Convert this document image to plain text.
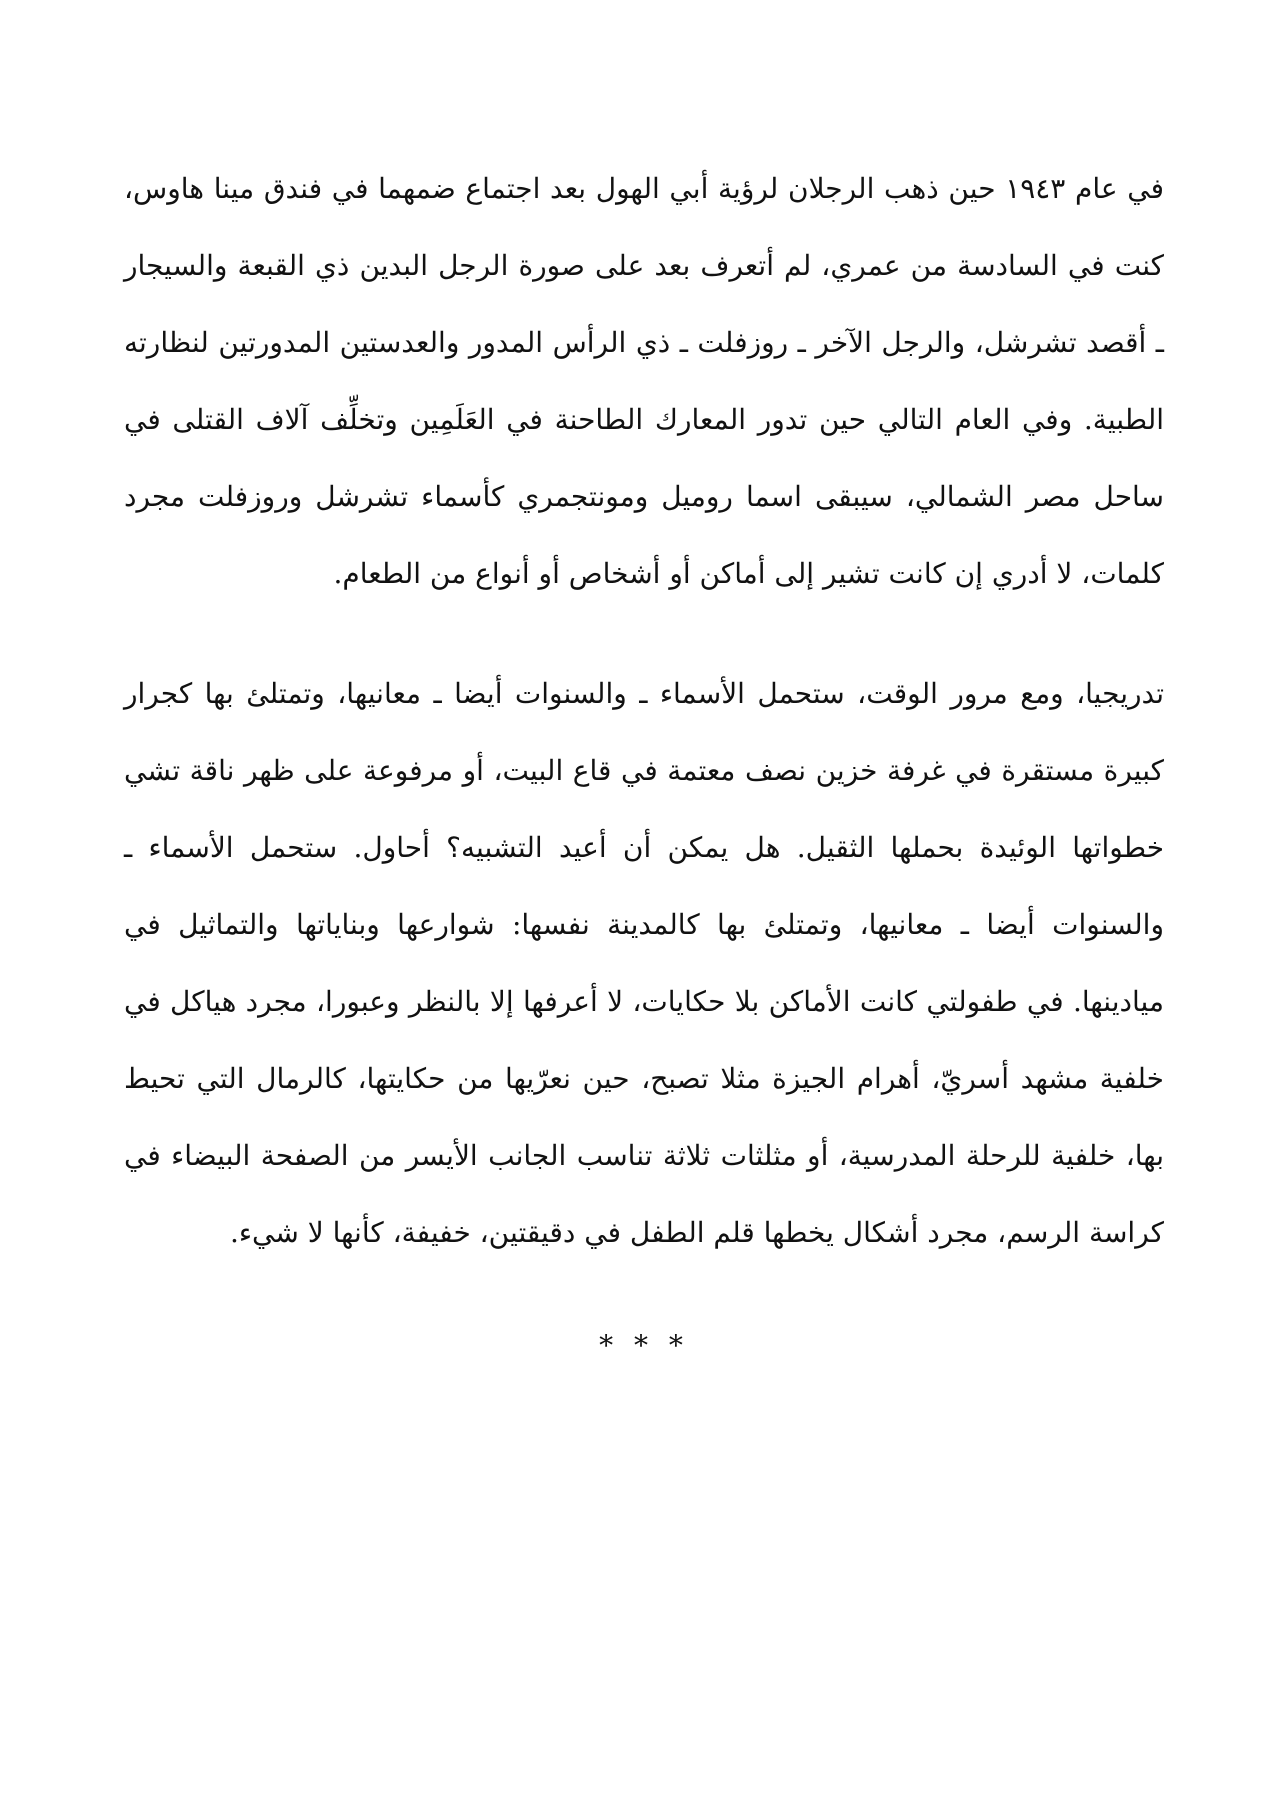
في عام ١٩٤٣ حين ذهب الرجلان لرؤية أبي الهول بعد اجتماع ضمهما في فندق مينا هاوس، كنت في السادسة من عمري، لم أتعرف بعد على صورة الرجل البدين ذي القبعة والسيجار ـ أقصد تشرشل، والرجل الآخر ـ روزفلت ـ ذي الرأس المدور والعدستين المدورتين لنظارته الطبية. وفي العام التالي حين تدور المعارك الطاحنة في العَلَمِين وتخلِّف آلاف القتلى في ساحل مصر الشمالي، سيبقى اسما روميل ومونتجمري كأسماء تشرشل وروزفلت مجرد كلمات، لا أدري إن كانت تشير إلى أماكن أو أشخاص أو أنواع من الطعام.

تدريجيا، ومع مرور الوقت، ستحمل الأسماء ـ والسنوات أيضا ـ معانيها، وتمتلئ بها كجرار كبيرة مستقرة في غرفة خزين نصف معتمة في قاع البيت، أو مرفوعة على ظهر ناقة تشي خطواتها الوئيدة بحملها الثقيل. هل يمكن أن أعيد التشبيه؟ أحاول. ستحمل الأسماء ـ والسنوات أيضا ـ معانيها، وتمتلئ بها كالمدينة نفسها: شوارعها وبناياتها والتماثيل في ميادينها. في طفولتي كانت الأماكن بلا حكايات، لا أعرفها إلا بالنظر وعبورا، مجرد هياكل في خلفية مشهد أسريّ، أهرام الجيزة مثلا تصبح، حين نعرّيها من حكايتها، كالرمال التي تحيط بها، خلفية للرحلة المدرسية، أو مثلثات ثلاثة تناسب الجانب الأيسر من الصفحة البيضاء في كراسة الرسم، مجرد أشكال يخطها قلم الطفل في دقيقتين، خفيفة، كأنها لا شيء.

* * *
